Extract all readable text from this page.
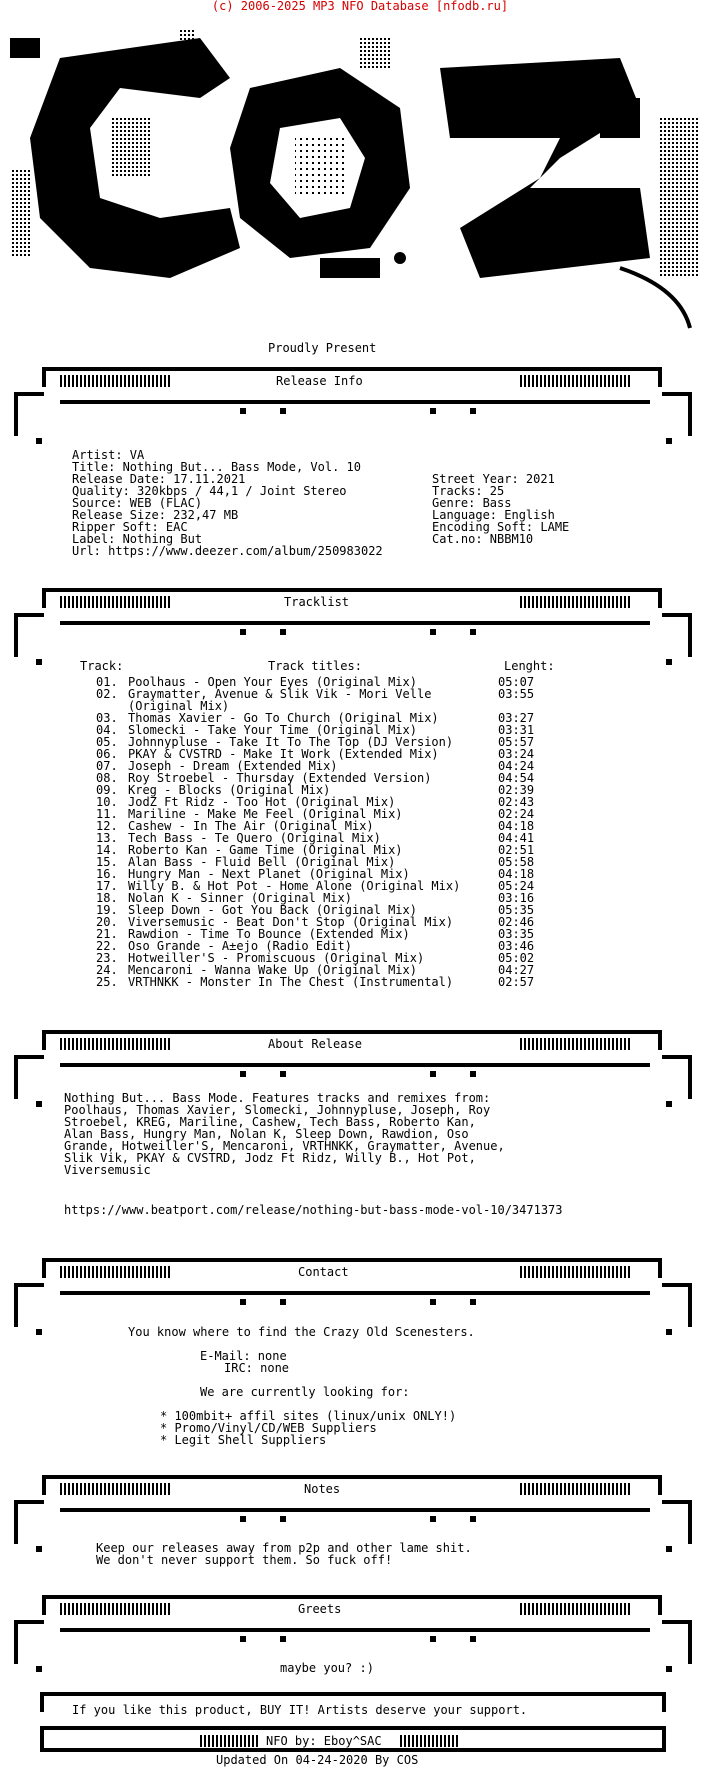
(c) 2006-2025 MP3 NFO Database [nfodb.ru]
Proudly Present
Release Info
Artist: VA
Title: Nothing But... Bass Mode, Vol. 10
Release Date: 17.11.2021	Street Year: 2021
Quality: 320kbps / 44,1 / Joint Stereo	Tracks: 25
Source: WEB (FLAC)	Genre: Bass
Release Size: 232,47 MB	Language: English
Ripper Soft: EAC	Encoding Soft: LAME
Label: Nothing But	Cat.no: NBBM10
Url: https://www.deezer.com/album/250983022
Tracklist
Track:	Track titles:	Lenght:
01. Poolhaus - Open Your Eyes (Original Mix)	05:07
02. Graymatter, Avenue & Slik Vik - Mori Velle	03:55
(Original Mix)
03. Thomas Xavier - Go To Church (Original Mix)	03:27
04. Slomecki - Take Your Time (Original Mix)	03:31
05. Johnnypluse - Take It To The Top (DJ Version)	05:57
06. PKAY & CVSTRD - Make It Work (Extended Mix)	03:24
07. Joseph - Dream (Extended Mix)	04:24
08. Roy Stroebel - Thursday (Extended Version)	04:54
09. Kreg - Blocks (Original Mix)	02:39
10. JodZ Ft Ridz - Too Hot (Original Mix)	02:43
11. Mariline - Make Me Feel (Original Mix)	02:24
12. Cashew - In The Air (Original Mix)	04:18
13. Tech Bass - Te Quero (Original Mix)	04:41
14. Roberto Kan - Game Time (Original Mix)	02:51
15. Alan Bass - Fluid Bell (Original Mix)	05:58
16. Hungry Man - Next Planet (Original Mix)	04:18
17. Willy B. & Hot Pot - Home Alone (Original Mix)	05:24
18. Nolan K - Sinner (Original Mix)	03:16
19. Sleep Down - Got You Back (Original Mix)	05:35
20. Viversemusic - Beat Don't Stop (Original Mix)	02:46
21. Rawdion - Time To Bounce (Extended Mix)	03:35
22. Oso Grande - A±ejo (Radio Edit)	03:46
23. Hotweiller'S - Promiscuous (Original Mix)	05:02
24. Mencaroni - Wanna Wake Up (Original Mix)	04:27
25. VRTHNKK - Monster In The Chest (Instrumental)	02:57
About Release
Nothing But... Bass Mode. Features tracks and remixes from:
Poolhaus, Thomas Xavier, Slomecki, Johnnypluse, Joseph, Roy
Stroebel, KREG, Mariline, Cashew, Tech Bass, Roberto Kan,
Alan Bass, Hungry Man, Nolan K, Sleep Down, Rawdion, Oso
Grande, Hotweiller'S, Mencaroni, VRTHNKK, Graymatter, Avenue,
Slik Vik, PKAY & CVSTRD, Jodz Ft Ridz, Willy B., Hot Pot,
Viversemusic
https://www.beatport.com/release/nothing-but-bass-mode-vol-10/3471373
Contact
You know where to find the Crazy Old Scenesters.
E-Mail: none
IRC: none
We are currently looking for:
* 100mbit+ affil sites (linux/unix ONLY!)
* Promo/Vinyl/CD/WEB Suppliers
* Legit Shell Suppliers
Notes
Keep our releases away from p2p and other lame shit.
We don't never support them. So fuck off!
Greets
maybe you? :)
If you like this product, BUY IT! Artists deserve your support.
NFO by: Eboy^SAC
Updated On 04-24-2020 By COS
